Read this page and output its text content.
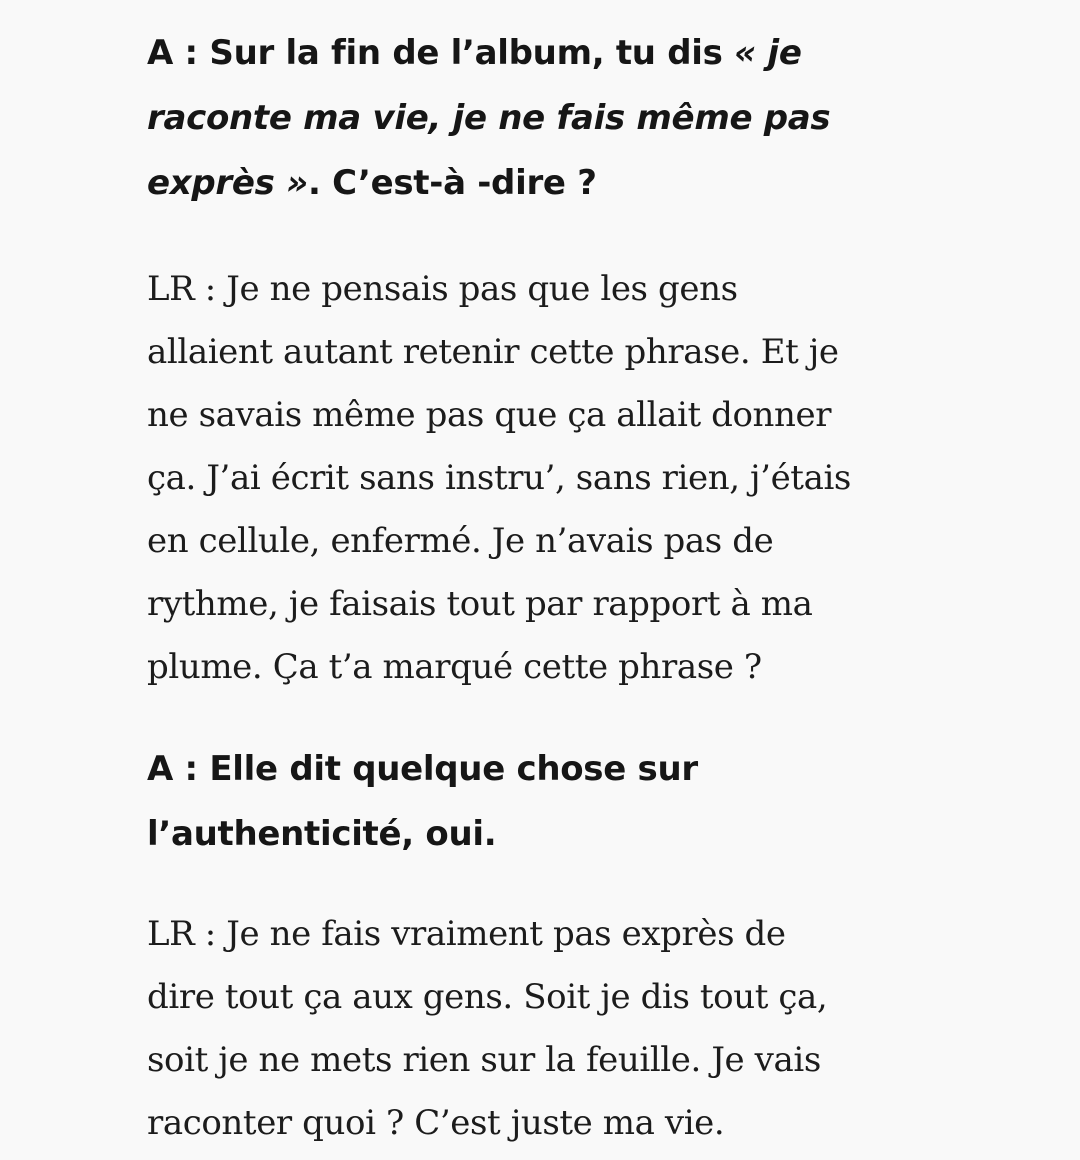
A : Sur la fin de l’album, tu dis « je
raconte ma vie, je ne fais même pas
exprès ». C’est-à -dire ?

LR : Je ne pensais pas que les gens
allaient autant retenir cette phrase. Et je
ne savais même pas que ça allait donner
ça. J’ai écrit sans instru’, sans rien, j’étais
en cellule, enfermé. Je n’avais pas de
rythme, je faisais tout par rapport à ma
plume. Ça t’a marqué cette phrase ?

A : Elle dit quelque chose sur
l’authenticité, oui.

LR : Je ne fais vraiment pas exprès de
dire tout ça aux gens. Soit je dis tout ça,
soit je ne mets rien sur la feuille. Je vais
raconter quoi ? C’est juste ma vie.
